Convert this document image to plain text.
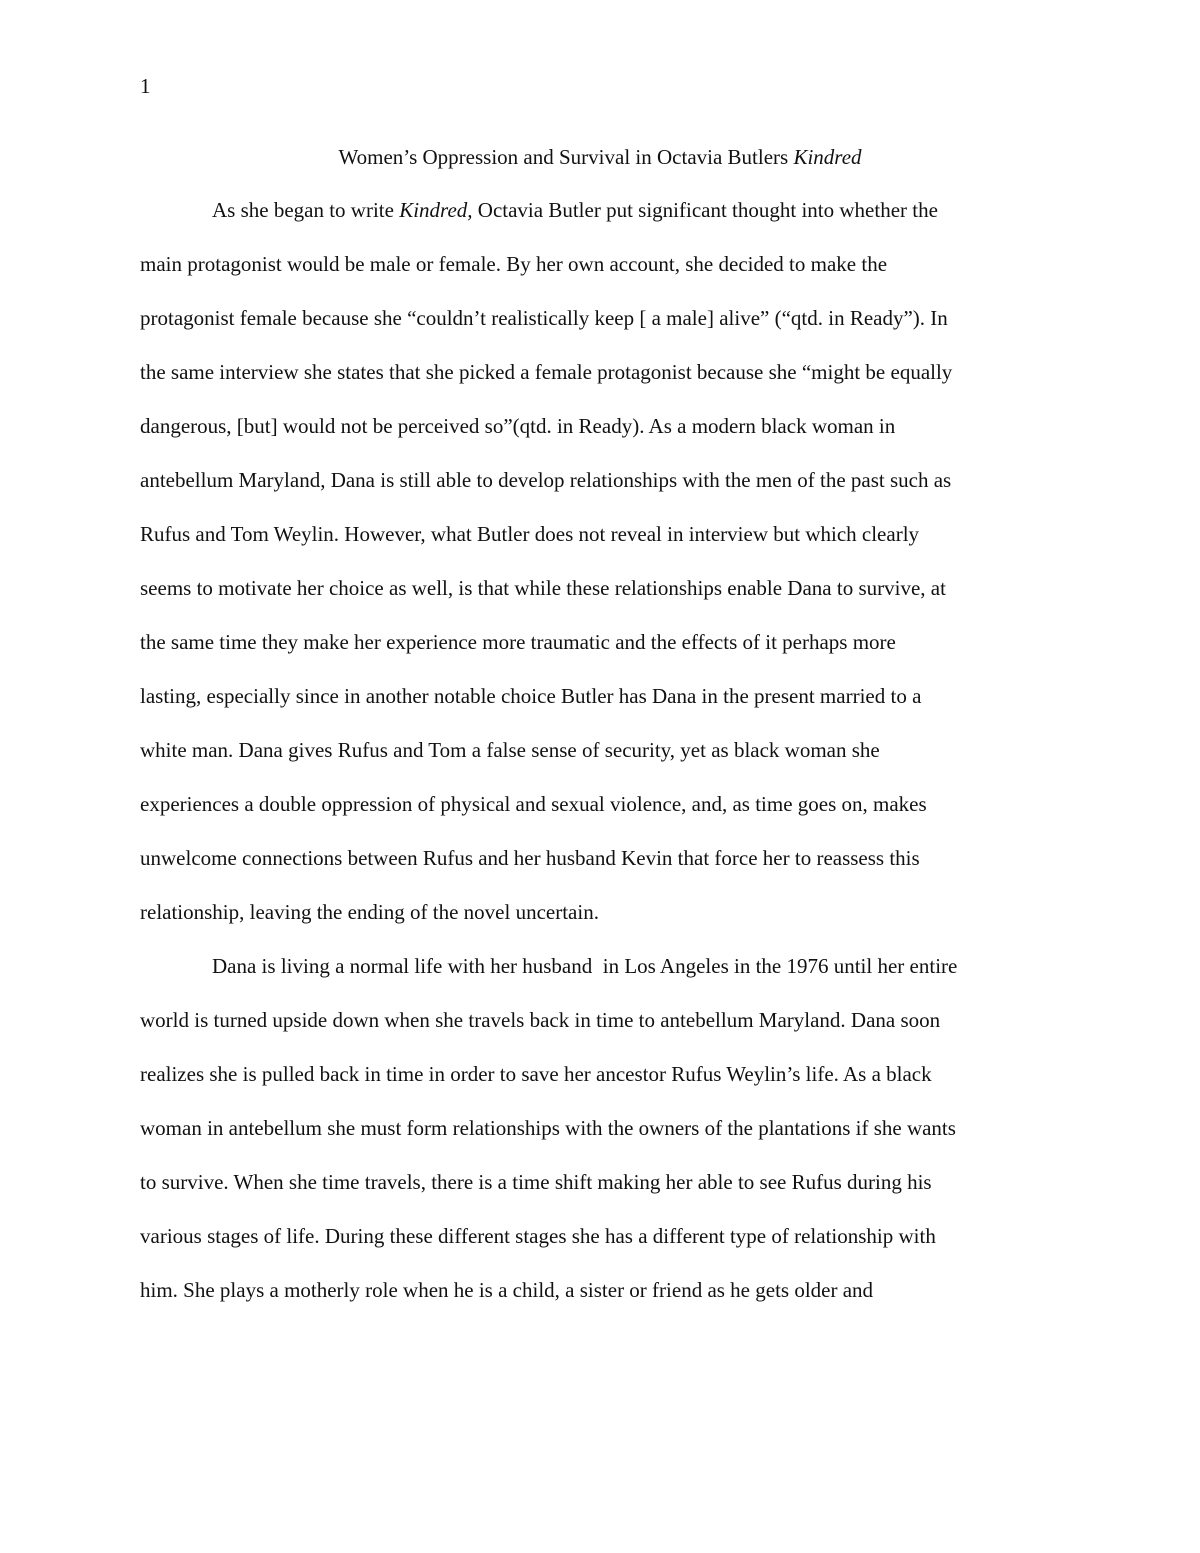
1
Women’s Oppression and Survival in Octavia Butlers Kindred
As she began to write Kindred, Octavia Butler put significant thought into whether the
main protagonist would be male or female. By her own account, she decided to make the
protagonist female because she “couldn’t realistically keep [ a male] alive” (“qtd. in Ready”). In
the same interview she states that she picked a female protagonist because she “might be equally
dangerous, [but] would not be perceived so”(qtd. in Ready). As a modern black woman in
antebellum Maryland, Dana is still able to develop relationships with the men of the past such as
Rufus and Tom Weylin. However, what Butler does not reveal in interview but which clearly
seems to motivate her choice as well, is that while these relationships enable Dana to survive, at
the same time they make her experience more traumatic and the effects of it perhaps more
lasting, especially since in another notable choice Butler has Dana in the present married to a
white man. Dana gives Rufus and Tom a false sense of security, yet as black woman she
experiences a double oppression of physical and sexual violence, and, as time goes on, makes
unwelcome connections between Rufus and her husband Kevin that force her to reassess this
relationship, leaving the ending of the novel uncertain.
Dana is living a normal life with her husband  in Los Angeles in the 1976 until her entire
world is turned upside down when she travels back in time to antebellum Maryland. Dana soon
realizes she is pulled back in time in order to save her ancestor Rufus Weylin’s life. As a black
woman in antebellum she must form relationships with the owners of the plantations if she wants
to survive. When she time travels, there is a time shift making her able to see Rufus during his
various stages of life. During these different stages she has a different type of relationship with
him. She plays a motherly role when he is a child, a sister or friend as he gets older and
